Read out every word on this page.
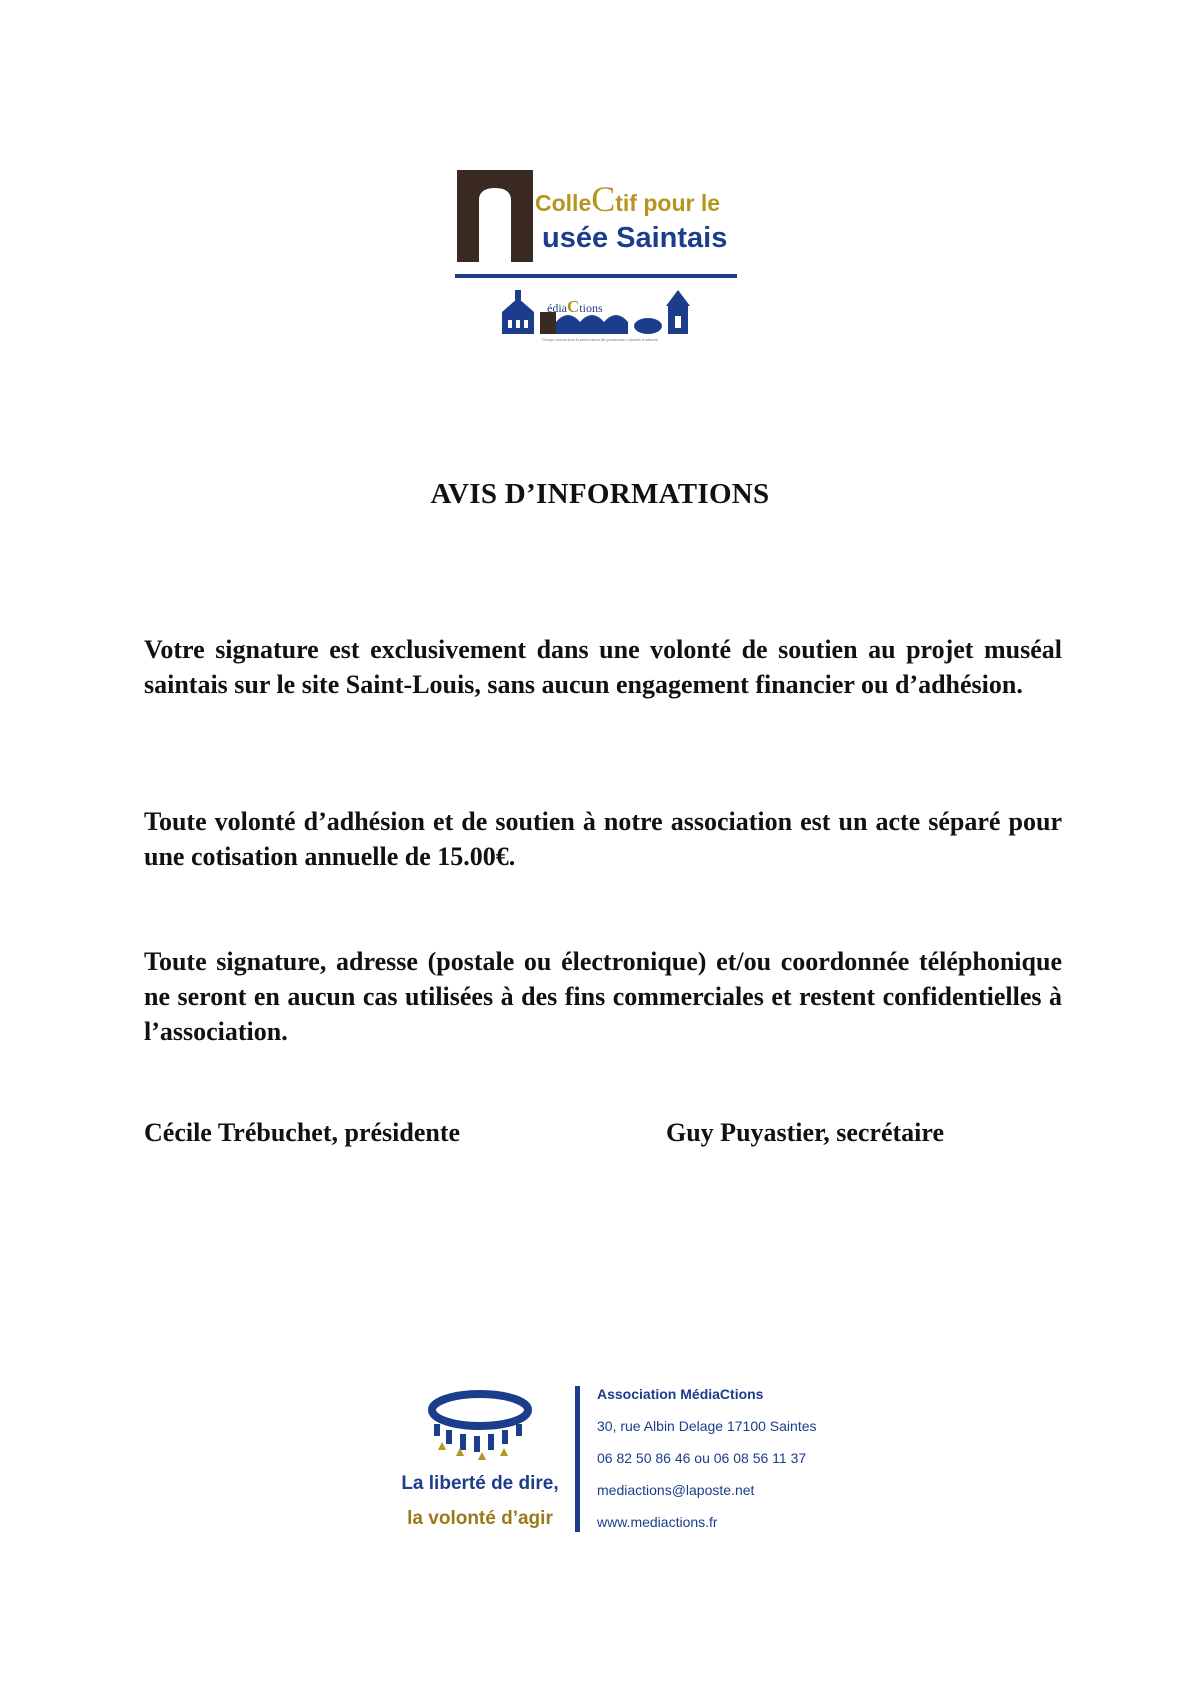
ColleCtif pour le
usée Saintais
édiaCtions
Groupe citoyen pour la préservation des patrimoines culturels et naturels
AVIS D’INFORMATIONS

Votre signature est exclusivement dans une volonté de soutien au projet muséal saintais sur le site Saint-Louis, sans aucun engagement financier ou d’adhésion.

Toute volonté d’adhésion et de soutien à notre association est un acte séparé pour une cotisation annuelle de 15.00€.

Toute signature, adresse (postale ou électronique) et/ou coordonnée téléphonique ne seront en aucun cas utilisées à des fins commerciales et restent confidentielles à l’association.

Cécile Trébuchet, présidente	Guy Puyastier, secrétaire
La liberté de dire,
la volonté d’agir
Association MédiaCtions
30, rue Albin Delage 17100 Saintes
06 82 50 86 46 ou 06 08 56 11 37
mediactions@laposte.net
www.mediactions.fr
